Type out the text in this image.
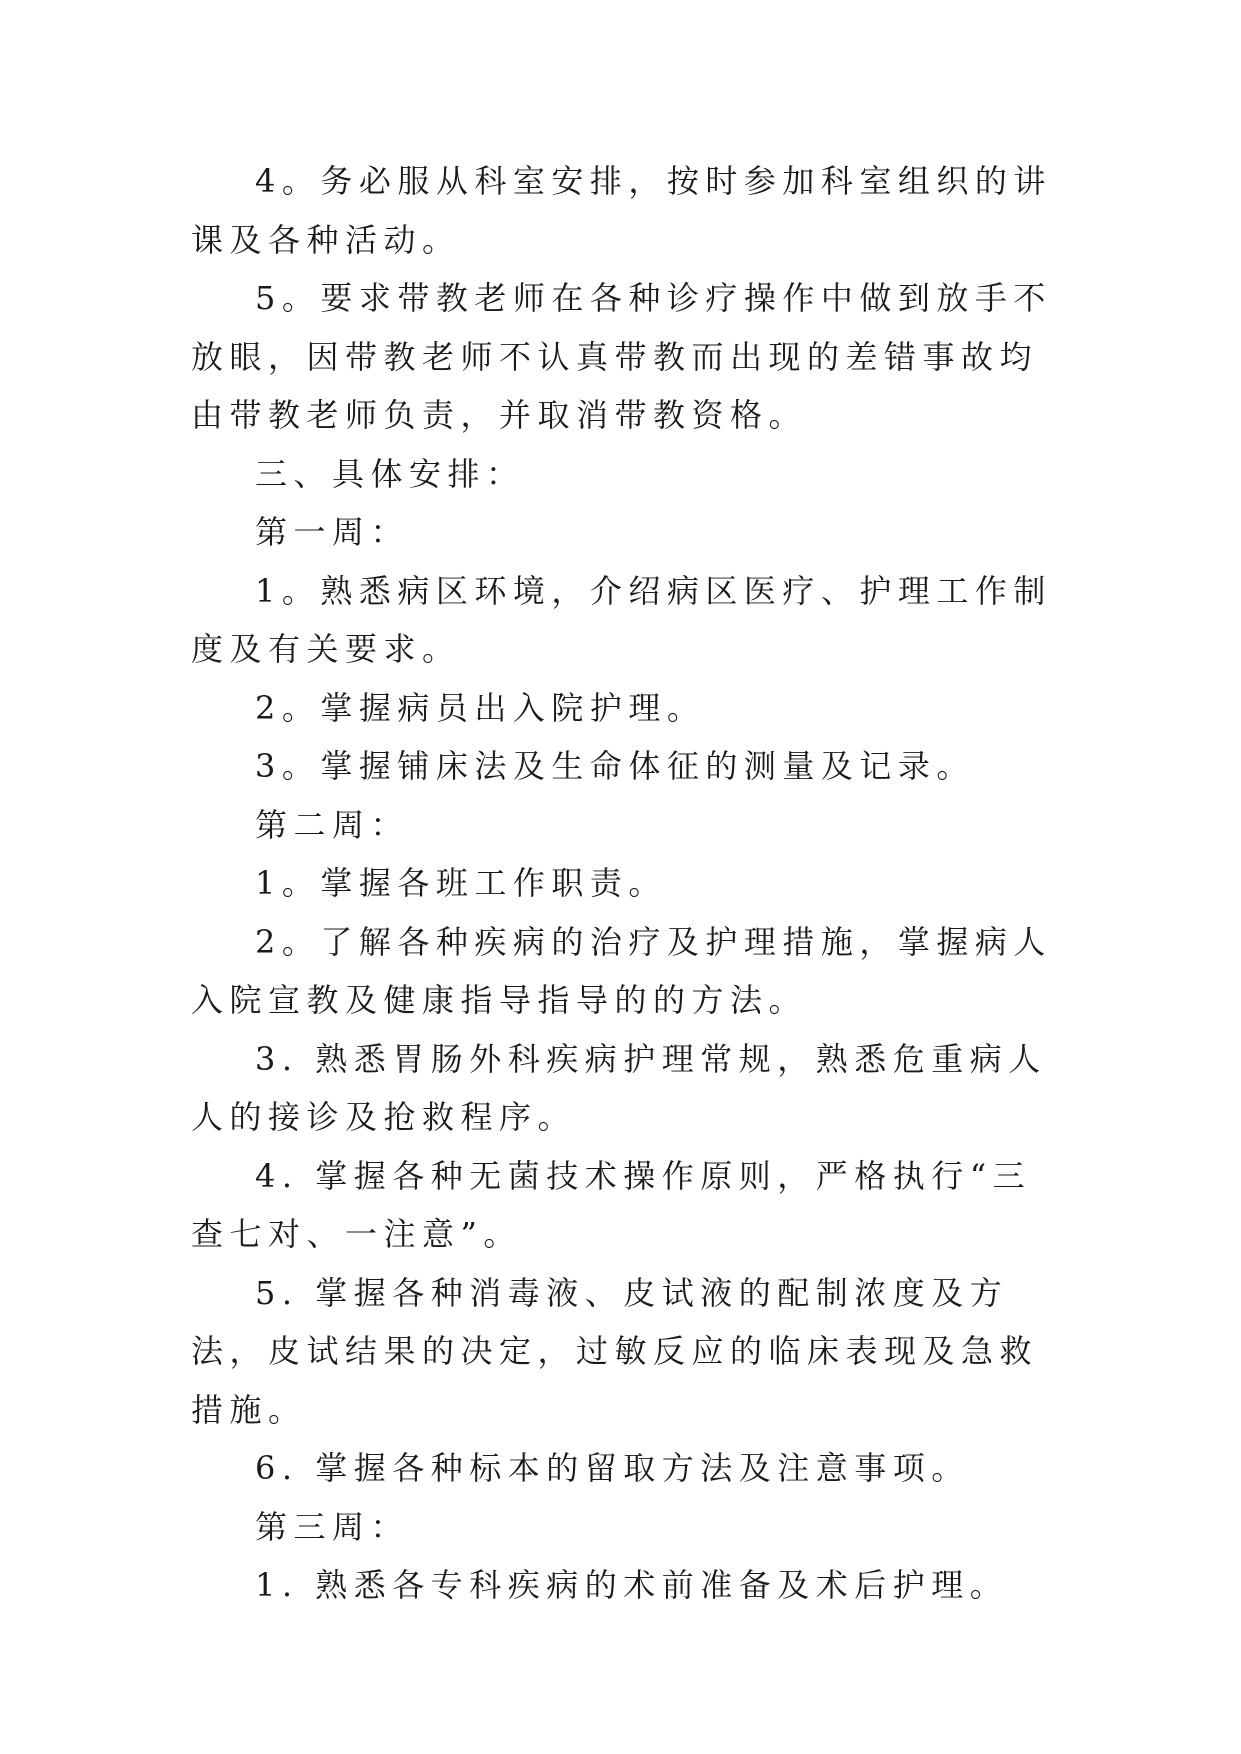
4。务必服从科室安排，按时参加科室组织的讲课及各种活动。

5。要求带教老师在各种诊疗操作中做到放手不放眼，因带教老师不认真带教而出现的差错事故均由带教老师负责，并取消带教资格。

三、具体安排：

第一周：

1。熟悉病区环境，介绍病区医疗、护理工作制度及有关要求。

2。掌握病员出入院护理。

3。掌握铺床法及生命体征的测量及记录。

第二周：

1。掌握各班工作职责。

2。了解各种疾病的治疗及护理措施，掌握病人入院宣教及健康指导指导的的方法。

3. 熟悉胃肠外科疾病护理常规，熟悉危重病人人的接诊及抢救程序。

4. 掌握各种无菌技术操作原则，严格执行“三查七对、一注意”。

5. 掌握各种消毒液、皮试液的配制浓度及方法，皮试结果的决定，过敏反应的临床表现及急救措施。

6. 掌握各种标本的留取方法及注意事项。

第三周：

1. 熟悉各专科疾病的术前准备及术后护理。
